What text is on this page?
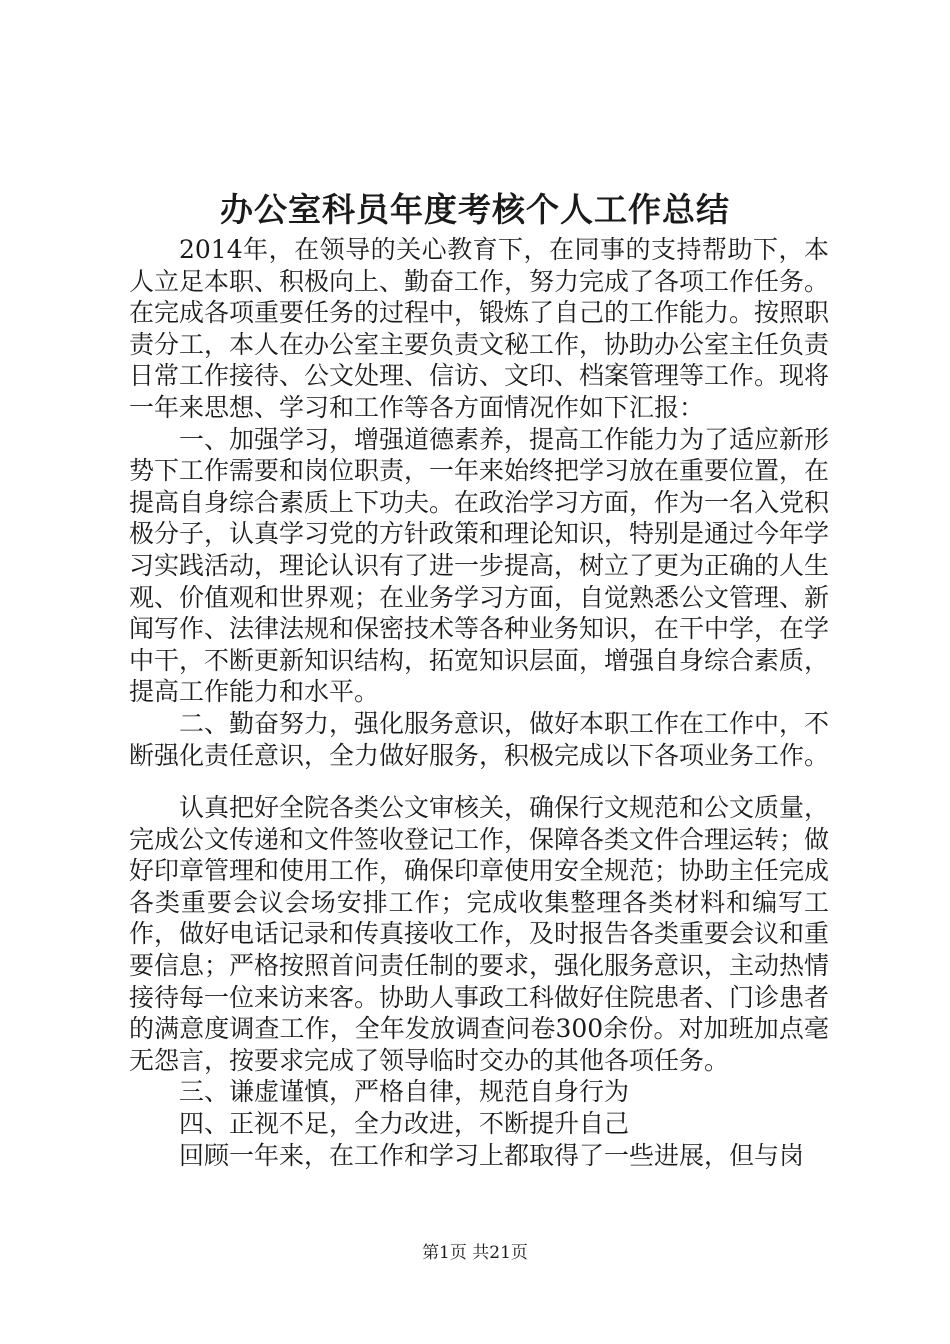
办公室科员年度考核个人工作总结

2014年，在领导的关心教育下，在同事的支持帮助下，本人立足本职、积极向上、勤奋工作，努力完成了各项工作任务。在完成各项重要任务的过程中，锻炼了自己的工作能力。按照职责分工，本人在办公室主要负责文秘工作，协助办公室主任负责日常工作接待、公文处理、信访、文印、档案管理等工作。现将一年来思想、学习和工作等各方面情况作如下汇报：

一、加强学习，增强道德素养，提高工作能力为了适应新形势下工作需要和岗位职责，一年来始终把学习放在重要位置，在提高自身综合素质上下功夫。在政治学习方面，作为一名入党积极分子，认真学习党的方针政策和理论知识，特别是通过今年学习实践活动，理论认识有了进一步提高，树立了更为正确的人生观、价值观和世界观；在业务学习方面，自觉熟悉公文管理、新闻写作、法律法规和保密技术等各种业务知识，在干中学，在学中干，不断更新知识结构，拓宽知识层面，增强自身综合素质，提高工作能力和水平。

二、勤奋努力，强化服务意识，做好本职工作在工作中，不断强化责任意识，全力做好服务，积极完成以下各项业务工作。

认真把好全院各类公文审核关，确保行文规范和公文质量，完成公文传递和文件签收登记工作，保障各类文件合理运转；做好印章管理和使用工作，确保印章使用安全规范；协助主任完成各类重要会议会场安排工作；完成收集整理各类材料和编写工作，做好电话记录和传真接收工作，及时报告各类重要会议和重要信息；严格按照首问责任制的要求，强化服务意识，主动热情接待每一位来访来客。协助人事政工科做好住院患者、门诊患者的满意度调查工作，全年发放调查问卷300余份。对加班加点毫无怨言，按要求完成了领导临时交办的其他各项任务。

三、谦虚谨慎，严格自律，规范自身行为

四、正视不足，全力改进，不断提升自己

回顾一年来，在工作和学习上都取得了一些进展，但与岗

第1页 共21页
